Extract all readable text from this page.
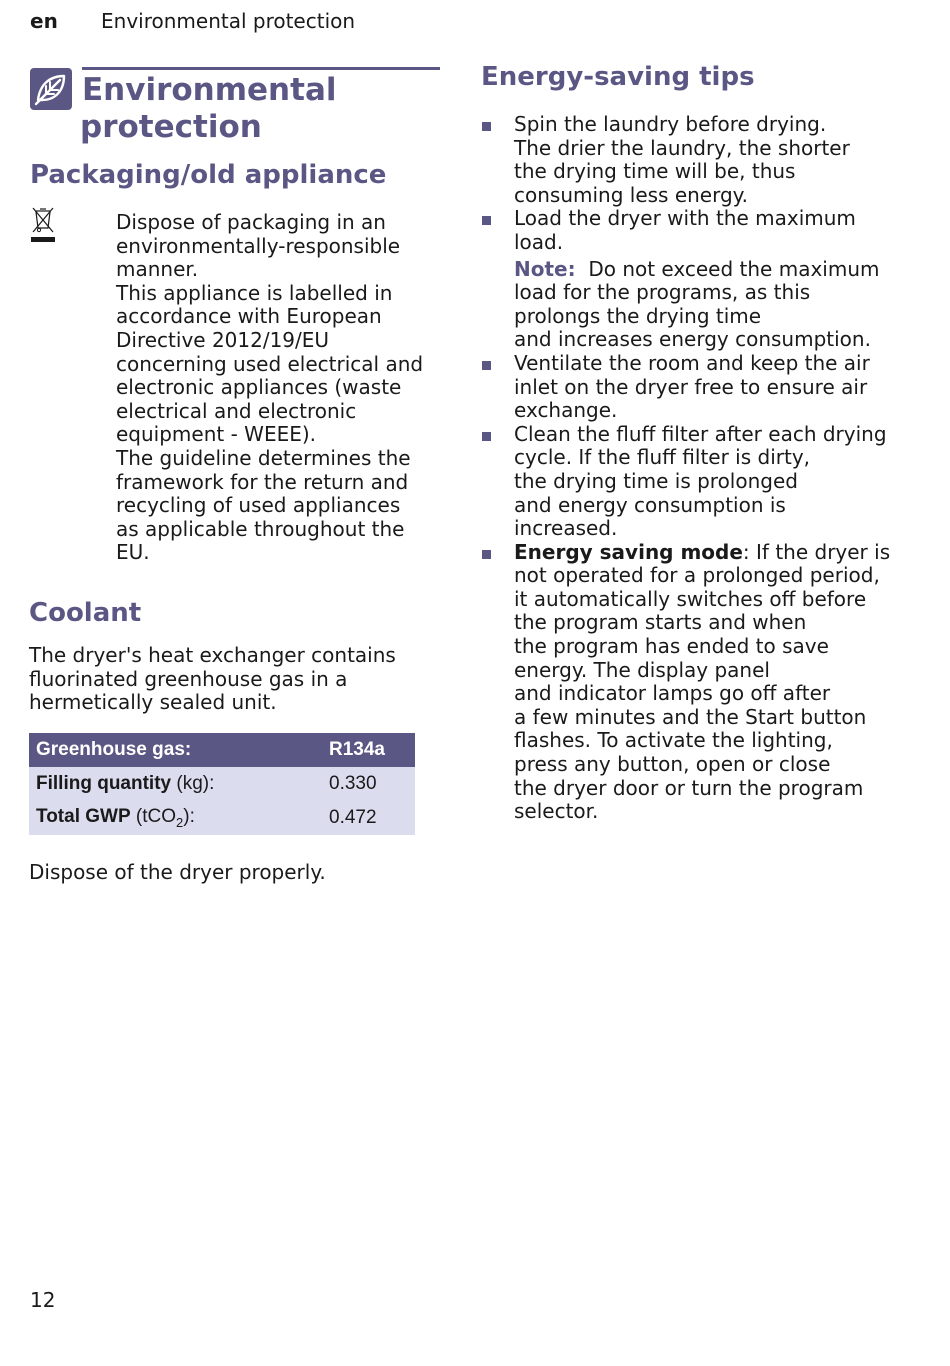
en Environmental protection
Environmental
protection
Packaging/old appliance
Dispose of packaging in an
environmentally-responsible
manner.
This appliance is labelled in
accordance with European
Directive 2012/19/EU
concerning used electrical and
electronic appliances (waste
electrical and electronic
equipment - WEEE).
The guideline determines the
framework for the return and
recycling of used appliances
as applicable throughout the
EU.
Coolant
The dryer's heat exchanger contains
fluorinated greenhouse gas in a
hermetically sealed unit.
Greenhouse gas:	R134a
Filling quantity (kg):	0.330
Total GWP (tCO$_2$):	0.472
Dispose of the dryer properly.
Energy-saving tips
Spin the laundry before drying.
The drier the laundry, the shorter
the drying time will be, thus
consuming less energy.
Load the dryer with the maximum
load.
Note: Do not exceed the maximum
load for the programs, as this
prolongs the drying time
and increases energy consumption.
Ventilate the room and keep the air
inlet on the dryer free to ensure air
exchange.
Clean the fluff filter after each drying
cycle. If the fluff filter is dirty,
the drying time is prolonged
and energy consumption is
increased.
Energy saving mode: If the dryer is
not operated for a prolonged period,
it automatically switches off before
the program starts and when
the program has ended to save
energy. The display panel
and indicator lamps go off after
a few minutes and the Start button
flashes. To activate the lighting,
press any button, open or close
the dryer door or turn the program
selector.
12
